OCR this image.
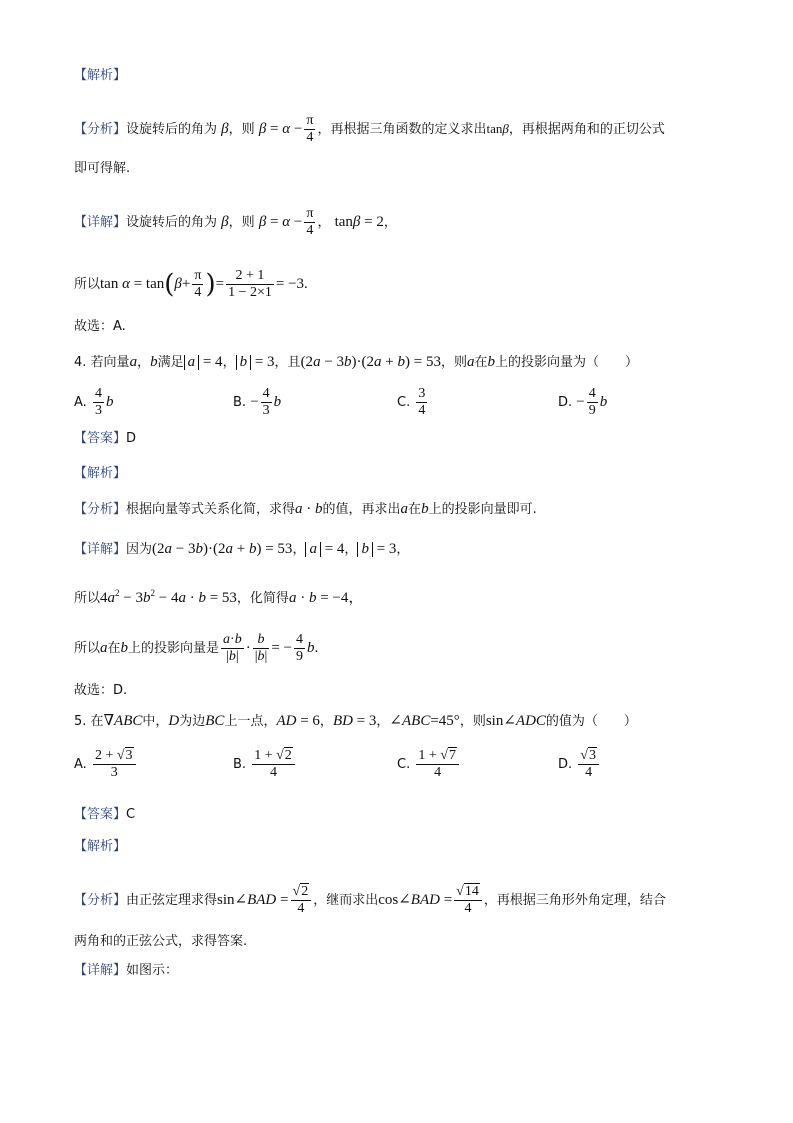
【解析】
【分析】设旋转后的角为 β，则 $\beta = \alpha - \frac{\pi}{4}$ ，再根据三角函数的定义求出tanβ，再根据两角和的正切公式
即可得解.
【详解】设旋转后的角为 β，则 $\beta = \alpha - \frac{\pi}{4}$ ， tanβ = 2，
所以$\tan \alpha = \tan(\beta+ \frac{\pi}{4}$ )= $\frac{2 + 1}{1 - 2\times 1} = -3$.
故选：A.
4. 若向量a，b满足 a = 4， b = 3，且(2a − 3b)·(2a + b) = 53，则a在b上的投影向量为（　　）
A. $\frac{4}{3}$ b	B. − $\frac{4}{3}$ b	C. $\frac{3}{4}$	D. − $\frac{4}{9}$ b
【答案】D
【解析】
【分析】根据向量等式关系化简，求得a · b的值，再求出a在b上的投影向量即可.
【详解】因为(2a − 3b)·(2a + b) = 53， a = 4， b = 3，
所以$4a^2 - 3b^2 - 4a \cdot b = 53$，化简得a · b = −4，
所以a在b上的投影向量是 $\frac{a\cdot b}{|b|} \cdot \frac{b}{|b|}$ = − $\frac{4}{9} b$.
故选：D.
5. 在∇ABC中，D为边BC上一点，AD = 6，BD = 3，∠ABC=45°，则sin∠ADC的值为（　　）
A. $\frac{2 + √3}{3}$	B. $\frac{1 + √2}{4}$	C. $\frac{1 + √7}{4}$	D. $\frac{√3}{4}$
【答案】C
【解析】
【分析】由正弦定理求得sin∠BAD = $\frac{√2}{4}$ ，继而求出cos∠BAD = $\frac{√14}{4}$ ，再根据三角形外角定理，结合
两角和的正弦公式，求得答案.
【详解】如图示：
